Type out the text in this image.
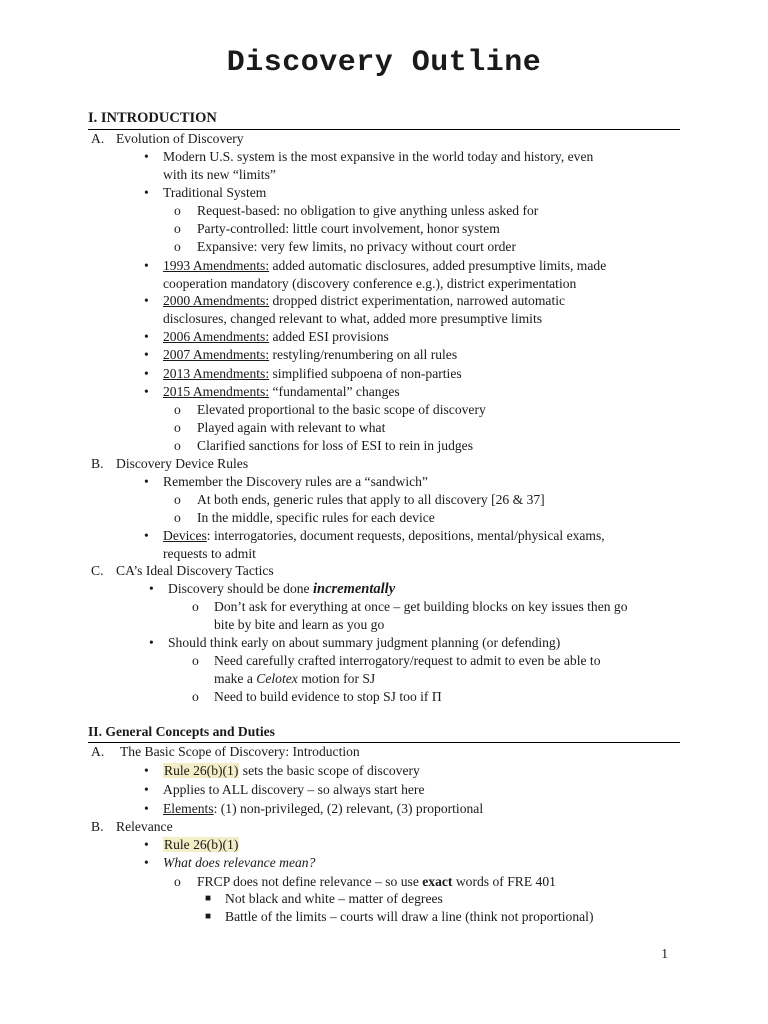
Discovery Outline
I. INTRODUCTION
A. Evolution of Discovery
• Modern U.S. system is the most expansive in the world today and history, even
with its new “limits”
• Traditional System
o Request-based: no obligation to give anything unless asked for
o Party-controlled: little court involvement, honor system
o Expansive: very few limits, no privacy without court order
• 1993 Amendments: added automatic disclosures, added presumptive limits, made
cooperation mandatory (discovery conference e.g.), district experimentation
• 2000 Amendments: dropped district experimentation, narrowed automatic
disclosures, changed relevant to what, added more presumptive limits
• 2006 Amendments: added ESI provisions
• 2007 Amendments: restyling/renumbering on all rules
• 2013 Amendments: simplified subpoena of non-parties
• 2015 Amendments: “fundamental” changes
o Elevated proportional to the basic scope of discovery
o Played again with relevant to what
o Clarified sanctions for loss of ESI to rein in judges
B. Discovery Device Rules
• Remember the Discovery rules are a “sandwich”
o At both ends, generic rules that apply to all discovery [26 & 37]
o In the middle, specific rules for each device
• Devices: interrogatories, document requests, depositions, mental/physical exams,
requests to admit
C. CA’s Ideal Discovery Tactics
• Discovery should be done incrementally
o Don’t ask for everything at once – get building blocks on key issues then go
bite by bite and learn as you go
• Should think early on about summary judgment planning (or defending)
o Need carefully crafted interrogatory/request to admit to even be able to
make a Celotex motion for SJ
o Need to build evidence to stop SJ too if Π
II. General Concepts and Duties
A. The Basic Scope of Discovery: Introduction
• Rule 26(b)(1) sets the basic scope of discovery
• Applies to ALL discovery – so always start here
• Elements: (1) non-privileged, (2) relevant, (3) proportional
B. Relevance
• Rule 26(b)(1)
• What does relevance mean?
o FRCP does not define relevance – so use exact words of FRE 401
■ Not black and white – matter of degrees
■ Battle of the limits – courts will draw a line (think not proportional)
1
